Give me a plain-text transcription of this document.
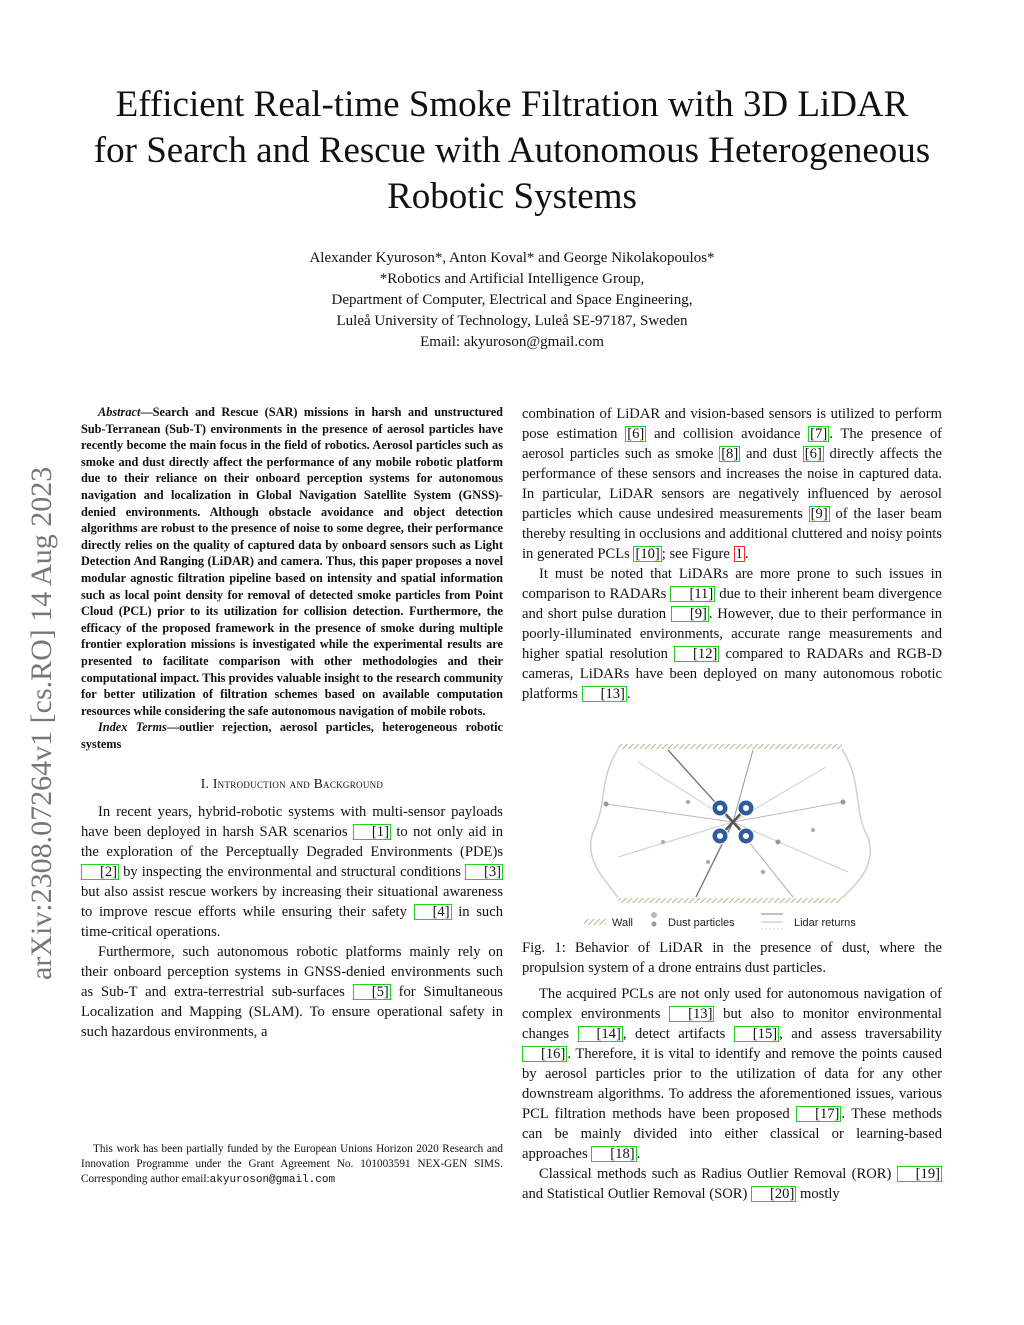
Efficient Real-time Smoke Filtration with 3D LiDAR for Search and Rescue with Autonomous Heterogeneous Robotic Systems
Alexander Kyuroson*, Anton Koval* and George Nikolakopoulos*
*Robotics and Artificial Intelligence Group,
Department of Computer, Electrical and Space Engineering,
Luleå University of Technology, Luleå SE-97187, Sweden
Email: akyuroson@gmail.com
arXiv:2308.07264v1 [cs.RO] 14 Aug 2023

Abstract—Search and Rescue (SAR) missions in harsh and unstructured Sub-Terranean (Sub-T) environments in the presence of aerosol particles have recently become the main focus in the field of robotics. Aerosol particles such as smoke and dust directly affect the performance of any mobile robotic platform due to their reliance on their onboard perception systems for autonomous navigation and localization in Global Navigation Satellite System (GNSS)-denied environments. Although obstacle avoidance and object detection algorithms are robust to the presence of noise to some degree, their performance directly relies on the quality of captured data by onboard sensors such as Light Detection And Ranging (LiDAR) and camera. Thus, this paper proposes a novel modular agnostic filtration pipeline based on intensity and spatial information such as local point density for removal of detected smoke particles from Point Cloud (PCL) prior to its utilization for collision detection. Furthermore, the efficacy of the proposed framework in the presence of smoke during multiple frontier exploration missions is investigated while the experimental results are presented to facilitate comparison with other methodologies and their computational impact. This provides valuable insight to the research community for better utilization of filtration schemes based on available computation resources while considering the safe autonomous navigation of mobile robots.

Index Terms—outlier rejection, aerosol particles, heterogeneous robotic systems

I. Introduction and Background

In recent years, hybrid-robotic systems with multi-sensor payloads have been deployed in harsh SAR scenarios [1] to not only aid in the exploration of the Perceptually Degraded Environments (PDE)s [2] by inspecting the environmental and structural conditions [3] but also assist rescue workers by increasing their situational awareness to improve rescue efforts while ensuring their safety [4] in such time-critical operations.

Furthermore, such autonomous robotic platforms mainly rely on their onboard perception systems in GNSS-denied environments such as Sub-T and extra-terrestrial sub-surfaces [5] for Simultaneous Localization and Mapping (SLAM). To ensure operational safety in such hazardous environments, a

This work has been partially funded by the European Unions Horizon 2020 Research and Innovation Programme under the Grant Agreement No. 101003591 NEX-GEN SIMS. Corresponding author email:akyuroson@gmail.com

combination of LiDAR and vision-based sensors is utilized to perform pose estimation [6] and collision avoidance [7] . The presence of aerosol particles such as smoke [8] and dust [6] directly affects the performance of these sensors and increases the noise in captured data. In particular, LiDAR sensors are negatively influenced by aerosol particles which cause undesired measurements [9] of the laser beam thereby resulting in occlusions and additional cluttered and noisy points in generated PCLs [10] ; see Figure 1 .

It must be noted that LiDARs are more prone to such issues in comparison to RADARs [11] due to their inherent beam divergence and short pulse duration [9] . However, due to their performance in poorly-illuminated environments, accurate range measurements and higher spatial resolution [12] compared to RADARs and RGB-D cameras, LiDARs have been deployed on many autonomous robotic platforms [13] .

Wall	Dust particles	Lidar returns
Fig. 1: Behavior of LiDAR in the presence of dust, where the propulsion system of a drone entrains dust particles.

The acquired PCLs are not only used for autonomous navigation of complex environments [13] but also to monitor environmental changes [14] , detect artifacts [15] , and assess traversability [16] . Therefore, it is vital to identify and remove the points caused by aerosol particles prior to the utilization of data for any other downstream algorithms. To address the aforementioned issues, various PCL filtration methods have been proposed [17] . These methods can be mainly divided into either classical or learning-based approaches [18] .

Classical methods such as Radius Outlier Removal (ROR) [19] and Statistical Outlier Removal (SOR) [20] mostly
